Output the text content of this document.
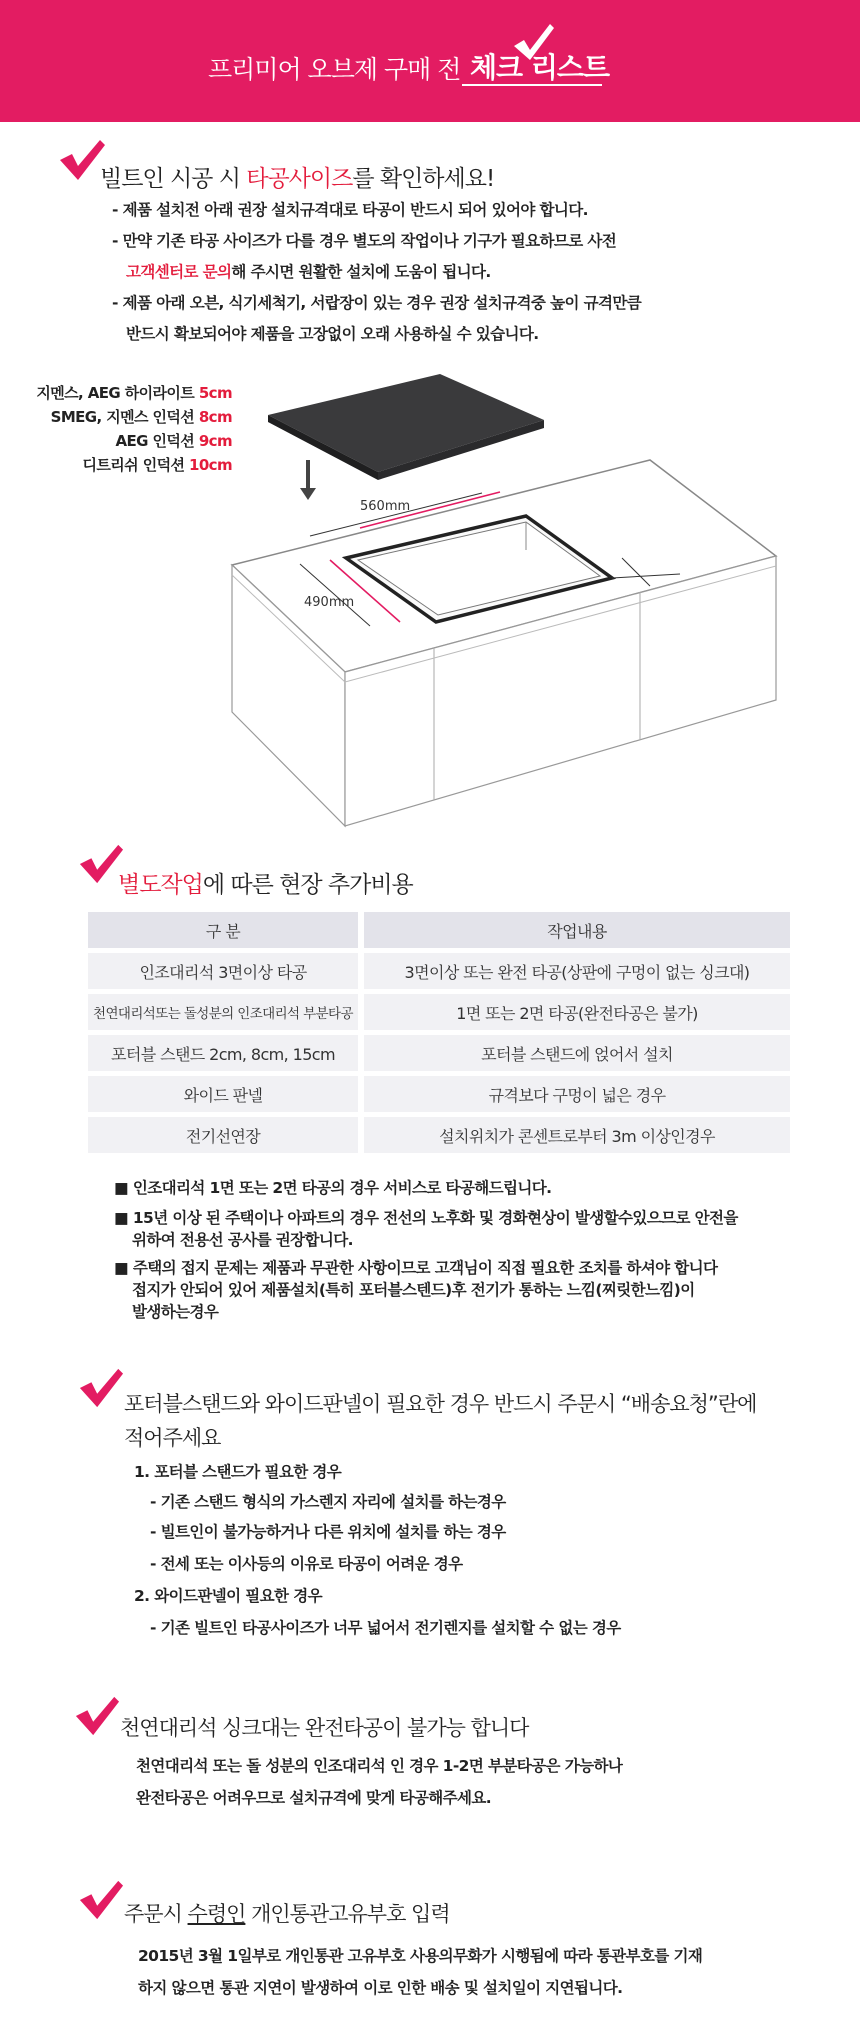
프리미어 오브제 구매 전 체크 리스트
빌트인 시공 시 타공사이즈를 확인하세요!
- 제품 설치전 아래 권장 설치규격대로 타공이 반드시 되어 있어야 합니다.
- 만약 기존 타공 사이즈가 다를 경우 별도의 작업이나 기구가 필요하므로 사전
고객센터로 문의해 주시면 원활한 설치에 도움이 됩니다.
- 제품 아래 오븐, 식기세척기, 서랍장이 있는 경우 권장 설치규격중 높이 규격만큼
반드시 확보되어야 제품을 고장없이 오래 사용하실 수 있습니다.
지멘스, AEG 하이라이트 5cm
SMEG, 지멘스 인덕션 8cm
AEG 인덕션 9cm
디트리쉬 인덕션 10cm
560mm
490mm
별도작업에 따른 현장 추가비용
구 분	작업내용
인조대리석 3면이상 타공	3면이상 또는 완전 타공(상판에 구멍이 없는 싱크대)
천연대리석또는 돌성분의 인조대리석 부분타공	1면 또는 2면 타공(완전타공은 불가)
포터블 스탠드 2cm, 8cm, 15cm	포터블 스탠드에 얹어서 설치
와이드 판넬	규격보다 구멍이 넓은 경우
전기선연장	설치위치가 콘센트로부터 3m 이상인경우
■ 인조대리석 1면 또는 2면 타공의 경우 서비스로 타공해드립니다.
■ 15년 이상 된 주택이나 아파트의 경우 전선의 노후화 및 경화현상이 발생할수있으므로 안전을
위하여 전용선 공사를 권장합니다.
■ 주택의 접지 문제는 제품과 무관한 사항이므로 고객님이 직접 필요한 조치를 하셔야 합니다
접지가 안되어 있어 제품설치(특히 포터블스텐드)후 전기가 통하는 느낌(찌릿한느낌)이
발생하는경우
포터블스탠드와 와이드판넬이 필요한 경우 반드시 주문시 “배송요청”란에
적어주세요
1. 포터블 스탠드가 필요한 경우
- 기존 스탠드 형식의 가스렌지 자리에 설치를 하는경우
- 빌트인이 불가능하거나 다른 위치에 설치를 하는 경우
- 전세 또는 이사등의 이유로 타공이 어려운 경우
2. 와이드판넬이 필요한 경우
- 기존 빌트인 타공사이즈가 너무 넓어서 전기렌지를 설치할 수 없는 경우
천연대리석 싱크대는 완전타공이 불가능 합니다
천연대리석 또는 돌 성분의 인조대리석 인 경우 1-2면 부분타공은 가능하나
완전타공은 어려우므로 설치규격에 맞게 타공해주세요.
주문시 수령인 개인통관고유부호 입력
2015년 3월 1일부로 개인통관 고유부호 사용의무화가 시행됨에 따라 통관부호를 기재
하지 않으면 통관 지연이 발생하여 이로 인한 배송 및 설치일이 지연됩니다.
